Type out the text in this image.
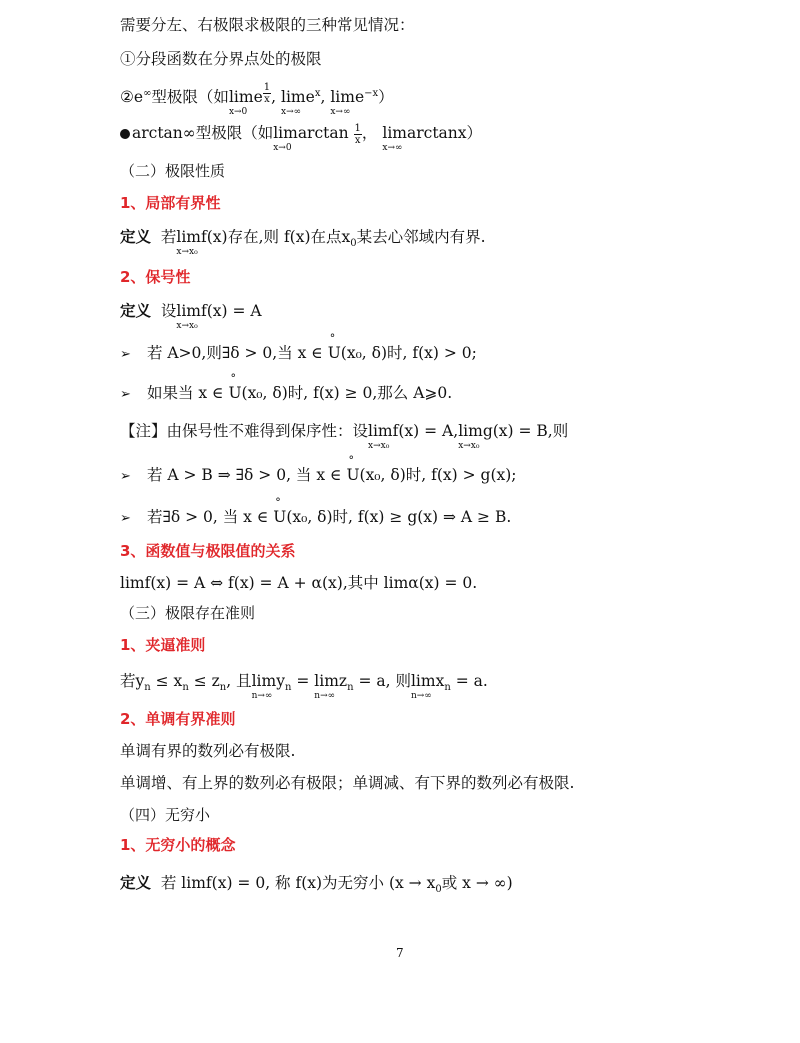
需要分左、右极限求极限的三种常见情况：
①分段函数在分界点处的极限
②e∞型极限（如lim
x→0
e $^{\frac{1}{x}}$ , lim
x→∞
$e^x$, lim
x→∞
$e^{-x}$）
arctan∞型极限（如limarctan
x→0

$\frac{1}{x}$ ， limarctanx
x→∞
）
（二）极限性质
1、局部有界性
定义 若lim
x→x₀
f(x)存在,则 f(x)在点$x_0$某去心邻域内有界.
2、保号性
定义 设lim
x→x₀
f(x) = A
➢ 若 A>0,则∃δ > 0,当 x ∈ ° U(x₀, δ)时, f(x) > 0;
➢ 如果当 x ∈ ° U(x₀, δ)时, f(x) ≥ 0,那么 A⩾0.
【注】由保号性不难得到保序性：设lim
x→x₀
f(x) = A,lim
x→x₀
g(x) = B,则
➢ 若 A > B ⇒ ∃δ > 0, 当 x ∈ ° U(x₀, δ)时, f(x) > g(x);
➢ 若∃δ > 0, 当 x ∈ ° U(x₀, δ)时, f(x) ≥ g(x) ⇒ A ≥ B.
3、函数值与极限值的关系
limf(x) = A ⇔ f(x) = A + α(x),其中 limα(x) = 0.
（三）极限存在准则
1、夹逼准则
若$y_n \le x_n \le z_n$, 且lim
n→∞
$y_n = \lim$
n→∞
$z_n = a$, 则lim
n→∞
$x_n = a$.
2、单调有界准则
单调有界的数列必有极限.
单调增、有上界的数列必有极限；单调减、有下界的数列必有极限.
（四）无穷小
1、无穷小的概念
定义 若 limf(x) = 0, 称 f(x)为无穷小 ($x \to x_0$或 x → ∞)
7
